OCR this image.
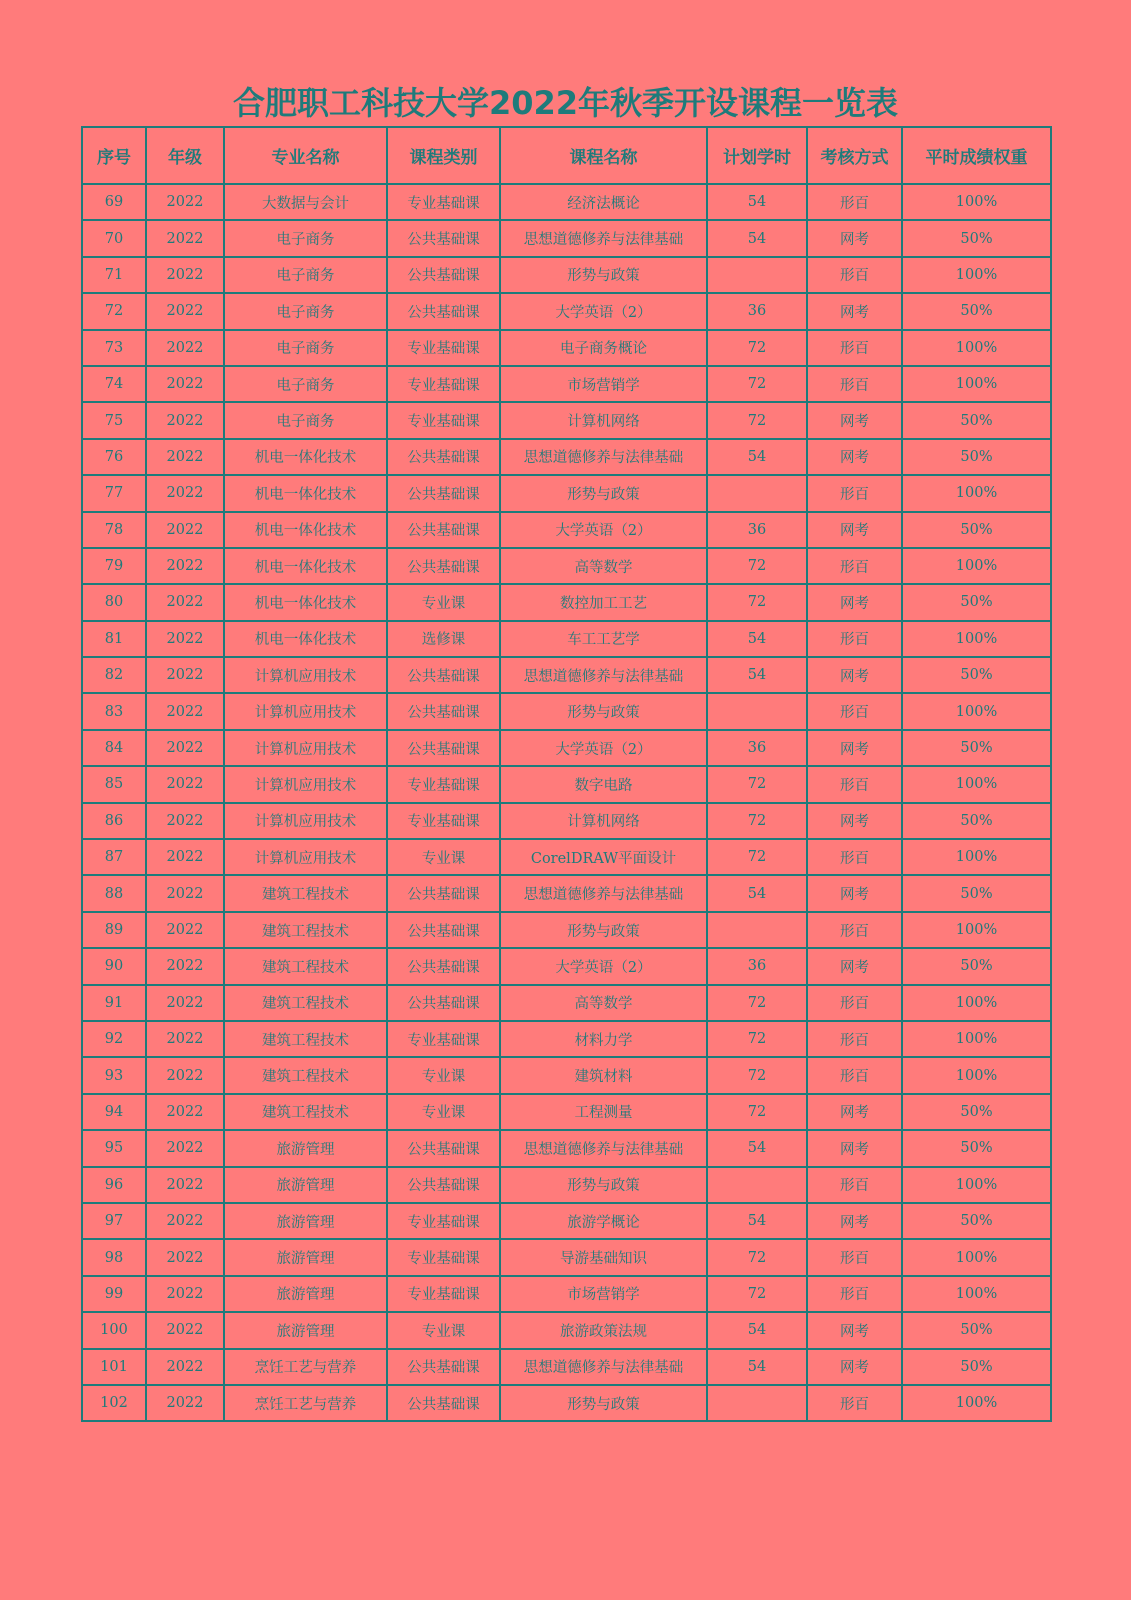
合肥职工科技大学2022年秋季开设课程一览表
序号	年级	专业名称	课程类别	课程名称	计划学时	考核方式	平时成绩权重
69	2022	大数据与会计	专业基础课	经济法概论	54	形百	100%
70	2022	电子商务	公共基础课	思想道德修养与法律基础	54	网考	50%
71	2022	电子商务	公共基础课	形势与政策		形百	100%
72	2022	电子商务	公共基础课	大学英语（2）	36	网考	50%
73	2022	电子商务	专业基础课	电子商务概论	72	形百	100%
74	2022	电子商务	专业基础课	市场营销学	72	形百	100%
75	2022	电子商务	专业基础课	计算机网络	72	网考	50%
76	2022	机电一体化技术	公共基础课	思想道德修养与法律基础	54	网考	50%
77	2022	机电一体化技术	公共基础课	形势与政策		形百	100%
78	2022	机电一体化技术	公共基础课	大学英语（2）	36	网考	50%
79	2022	机电一体化技术	公共基础课	高等数学	72	形百	100%
80	2022	机电一体化技术	专业课	数控加工工艺	72	网考	50%
81	2022	机电一体化技术	选修课	车工工艺学	54	形百	100%
82	2022	计算机应用技术	公共基础课	思想道德修养与法律基础	54	网考	50%
83	2022	计算机应用技术	公共基础课	形势与政策		形百	100%
84	2022	计算机应用技术	公共基础课	大学英语（2）	36	网考	50%
85	2022	计算机应用技术	专业基础课	数字电路	72	形百	100%
86	2022	计算机应用技术	专业基础课	计算机网络	72	网考	50%
87	2022	计算机应用技术	专业课	CorelDRAW平面设计	72	形百	100%
88	2022	建筑工程技术	公共基础课	思想道德修养与法律基础	54	网考	50%
89	2022	建筑工程技术	公共基础课	形势与政策		形百	100%
90	2022	建筑工程技术	公共基础课	大学英语（2）	36	网考	50%
91	2022	建筑工程技术	公共基础课	高等数学	72	形百	100%
92	2022	建筑工程技术	专业基础课	材料力学	72	形百	100%
93	2022	建筑工程技术	专业课	建筑材料	72	形百	100%
94	2022	建筑工程技术	专业课	工程测量	72	网考	50%
95	2022	旅游管理	公共基础课	思想道德修养与法律基础	54	网考	50%
96	2022	旅游管理	公共基础课	形势与政策		形百	100%
97	2022	旅游管理	专业基础课	旅游学概论	54	网考	50%
98	2022	旅游管理	专业基础课	导游基础知识	72	形百	100%
99	2022	旅游管理	专业基础课	市场营销学	72	形百	100%
100	2022	旅游管理	专业课	旅游政策法规	54	网考	50%
101	2022	烹饪工艺与营养	公共基础课	思想道德修养与法律基础	54	网考	50%
102	2022	烹饪工艺与营养	公共基础课	形势与政策		形百	100%
